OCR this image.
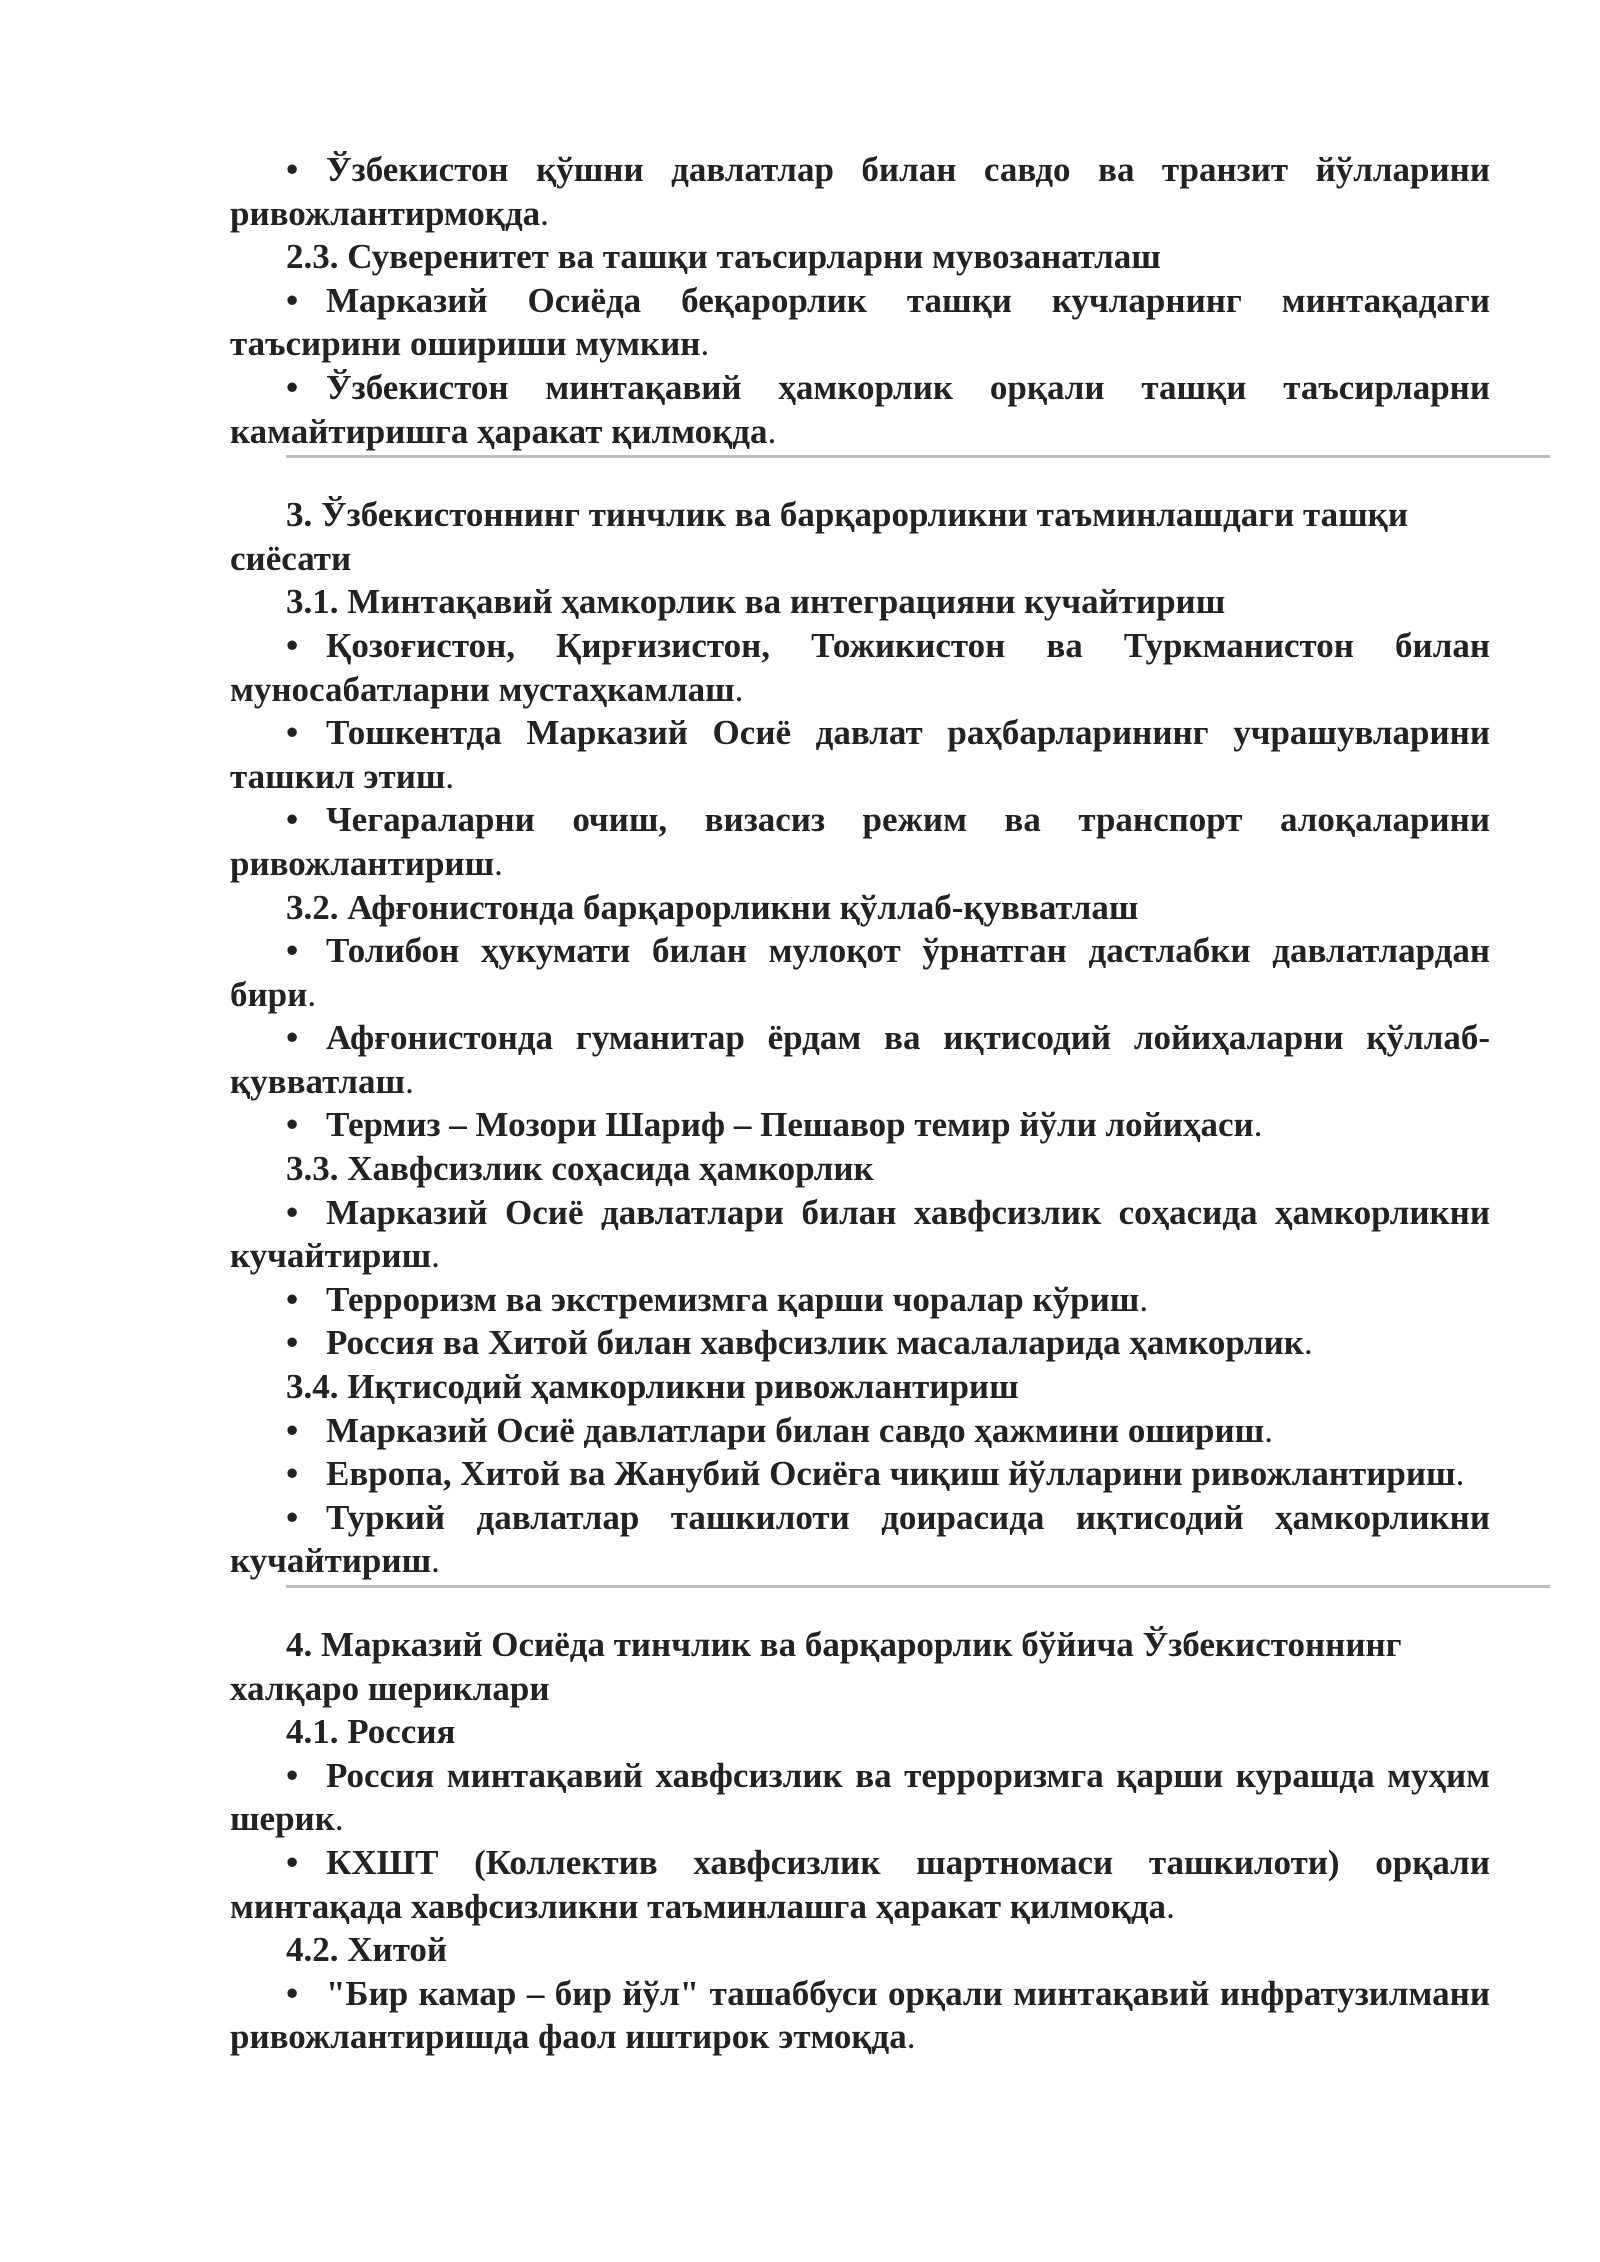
• Ўзбекистон қўшни давлатлар билан савдо ва транзит йўлларини ривожлантирмоқда.

2.3. Суверенитет ва ташқи таъсирларни мувозанатлаш

• Марказий Осиёда беқарорлик ташқи кучларнинг минтақадаги таъсирини ошириши мумкин.

• Ўзбекистон минтақавий ҳамкорлик орқали ташқи таъсирларни камайтиришга ҳаракат қилмоқда.

3. Ўзбекистоннинг тинчлик ва барқарорликни таъминлашдаги ташқи сиёсати

3.1. Минтақавий ҳамкорлик ва интеграцияни кучайтириш

• Қозоғистон, Қирғизистон, Тожикистон ва Туркманистон билан муносабатларни мустаҳкамлаш.

• Тошкентда Марказий Осиё давлат раҳбарларининг учрашувларини ташкил этиш.

• Чегараларни очиш, визасиз режим ва транспорт алоқаларини ривожлантириш.

3.2. Афғонистонда барқарорликни қўллаб-қувватлаш

• Толибон ҳукумати билан мулоқот ўрнатган дастлабки давлатлардан бири.

• Афғонистонда гуманитар ёрдам ва иқтисодий лойиҳаларни қўллаб-қувватлаш.

• Термиз – Мозори Шариф – Пешавор темир йўли лойиҳаси.

3.3. Хавфсизлик соҳасида ҳамкорлик

• Марказий Осиё давлатлари билан хавфсизлик соҳасида ҳамкорликни кучайтириш.

• Терроризм ва экстремизмга қарши чоралар кўриш.

• Россия ва Хитой билан хавфсизлик масалаларида ҳамкорлик.

3.4. Иқтисодий ҳамкорликни ривожлантириш

• Марказий Осиё давлатлари билан савдо ҳажмини ошириш.

• Европа, Хитой ва Жанубий Осиёга чиқиш йўлларини ривожлантириш.

• Туркий давлатлар ташкилоти доирасида иқтисодий ҳамкорликни кучайтириш.

4. Марказий Осиёда тинчлик ва барқарорлик бўйича Ўзбекистоннинг халқаро шериклари

4.1. Россия

• Россия минтақавий хавфсизлик ва терроризмга қарши курашда муҳим шерик.

• КХШТ (Коллектив хавфсизлик шартномаси ташкилоти) орқали минтақада хавфсизликни таъминлашга ҳаракат қилмоқда.

4.2. Хитой

• "Бир камар – бир йўл" ташаббуси орқали минтақавий инфратузилмани ривожлантиришда фаол иштирок этмоқда.
